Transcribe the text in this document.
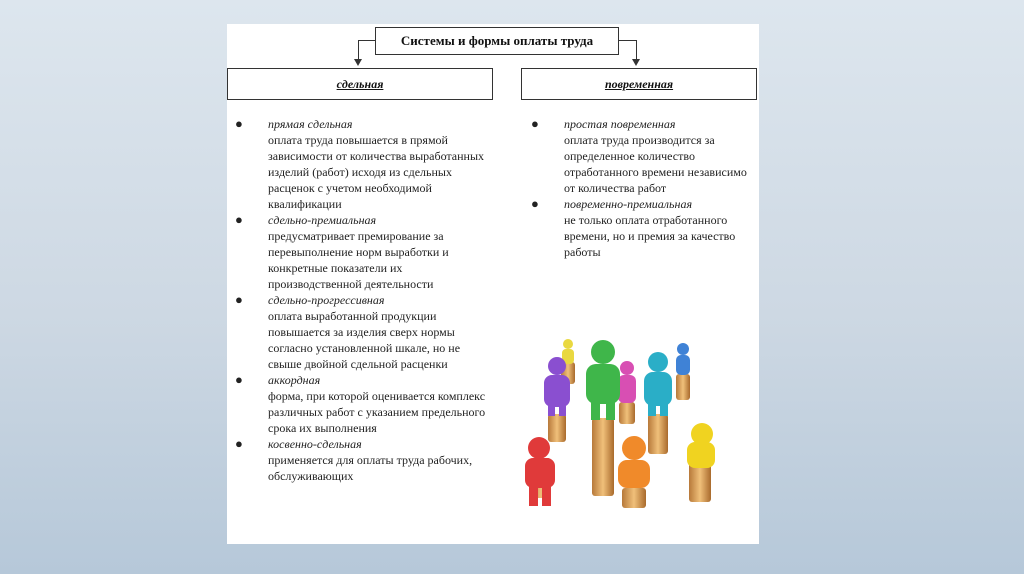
Системы и формы оплаты труда
сдельная	повременная
● прямая сдельная
оплата труда повышается в прямой зависимости от количества выработанных изделий (работ) исходя из сдельных расценок с учетом необходимой квалификации
● сдельно-премиальная
предусматривает премирование за перевыполнение норм выработки и конкретные показатели их производственной деятельности
● сдельно-прогрессивная
оплата выработанной продукции повышается за изделия сверх нормы согласно установленной шкале, но не свыше двойной сдельной расценки
● аккордная
форма, при которой оценивается комплекс различных работ с указанием предельного срока их выполнения
● косвенно-сдельная
применяется для оплаты труда рабочих, обслуживающих
● простая повременная
оплата труда производится за определенное количество отработанного времени независимо от количества работ
● повременно-премиальная
не только оплата отработанного времени, но и премия за качество работы
